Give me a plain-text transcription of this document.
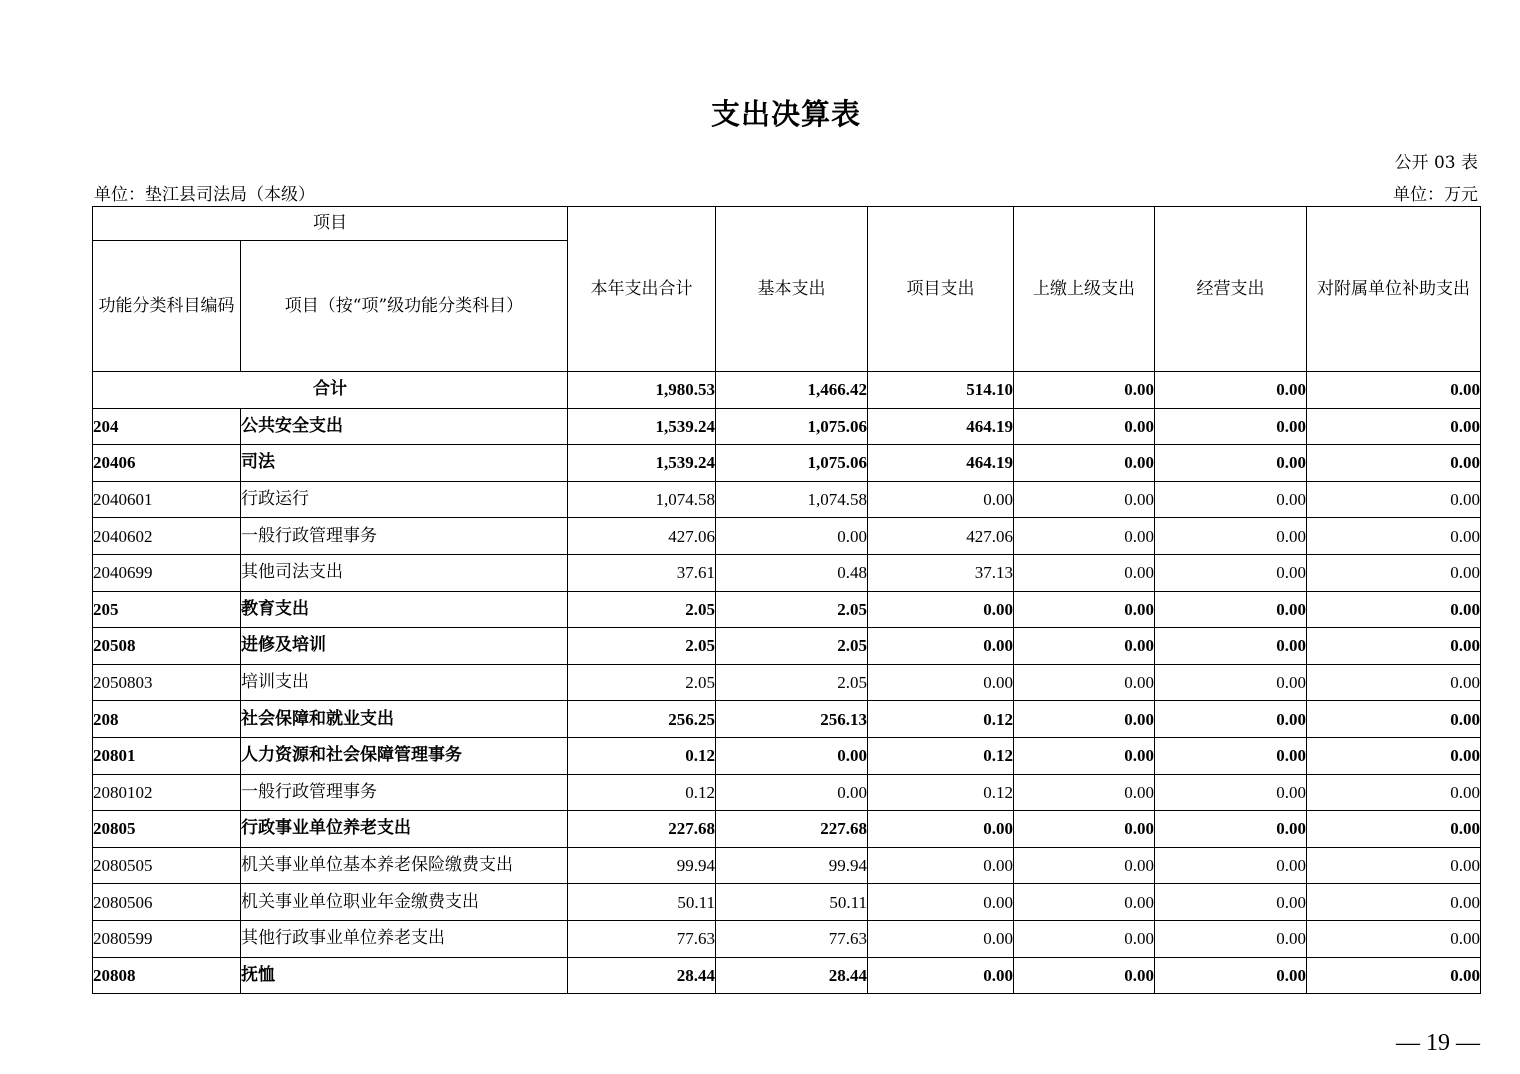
支出决算表
公开 03 表
单位：垫江县司法局（本级）	单位：万元
项目		本年支出合计	基本支出	项目支出	上缴上级支出	经营支出	对附属单位补助支出
功能分类科目编码	项目（按“项”级功能分类科目）						
合计		1,980.53	1,466.42	514.10	0.00	0.00	0.00
204	公共安全支出	1,539.24	1,075.06	464.19	0.00	0.00	0.00
20406	司法	1,539.24	1,075.06	464.19	0.00	0.00	0.00
2040601	行政运行	1,074.58	1,074.58	0.00	0.00	0.00	0.00
2040602	一般行政管理事务	427.06	0.00	427.06	0.00	0.00	0.00
2040699	其他司法支出	37.61	0.48	37.13	0.00	0.00	0.00
205	教育支出	2.05	2.05	0.00	0.00	0.00	0.00
20508	进修及培训	2.05	2.05	0.00	0.00	0.00	0.00
2050803	培训支出	2.05	2.05	0.00	0.00	0.00	0.00
208	社会保障和就业支出	256.25	256.13	0.12	0.00	0.00	0.00
20801	人力资源和社会保障管理事务	0.12	0.00	0.12	0.00	0.00	0.00
2080102	一般行政管理事务	0.12	0.00	0.12	0.00	0.00	0.00
20805	行政事业单位养老支出	227.68	227.68	0.00	0.00	0.00	0.00
2080505	机关事业单位基本养老保险缴费支出	99.94	99.94	0.00	0.00	0.00	0.00
2080506	机关事业单位职业年金缴费支出	50.11	50.11	0.00	0.00	0.00	0.00
2080599	其他行政事业单位养老支出	77.63	77.63	0.00	0.00	0.00	0.00
20808	抚恤	28.44	28.44	0.00	0.00	0.00	0.00
— 19 —
